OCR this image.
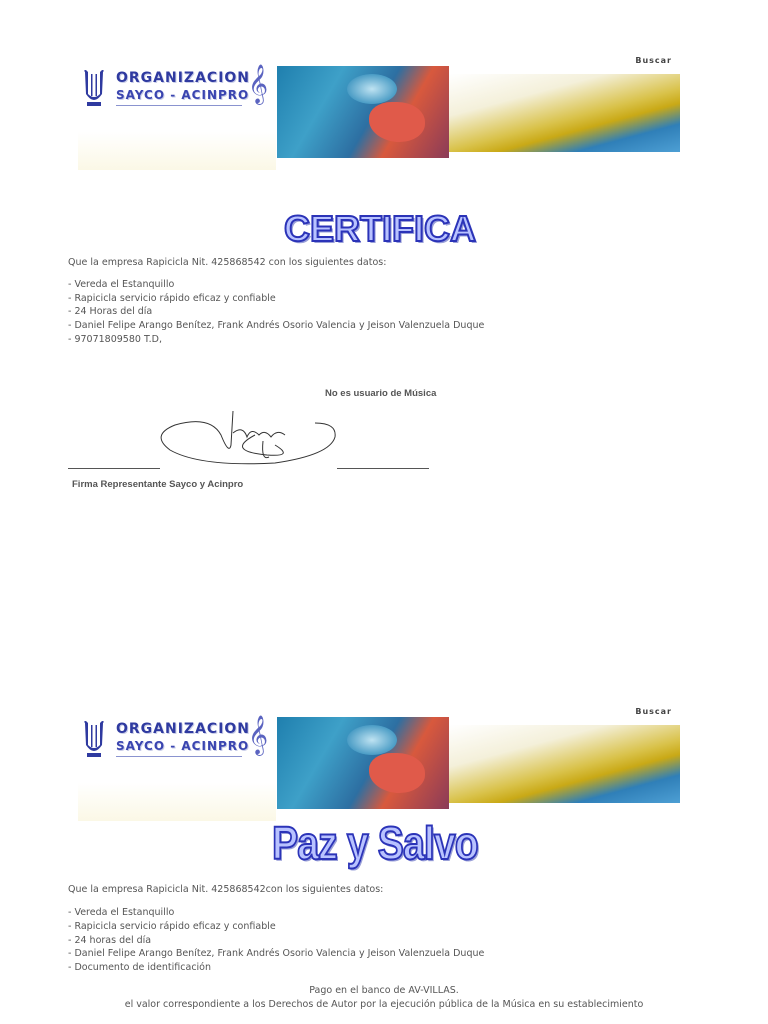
ORGANIZACION
SAYCO - ACINPRO
𝄞
Buscar
CERTIFICA
Que la empresa Rapicicla Nit. 425868542 con los siguientes datos:
- Vereda el Estanquillo
- Rapicicla servicio rápido eficaz y confiable
- 24 Horas del día
- Daniel Felipe Arango Benítez, Frank Andrés Osorio Valencia y Jeison Valenzuela Duque
- 97071809580 T.D,
No es usuario de Música
Firma Representante Sayco y Acinpro
ORGANIZACION
SAYCO - ACINPRO
𝄞
Buscar
Paz y Salvo
Que la empresa Rapicicla Nit. 425868542con los siguientes datos:
- Vereda el Estanquillo
- Rapicicla servicio rápido eficaz y confiable
- 24 horas del día
- Daniel Felipe Arango Benítez, Frank Andrés Osorio Valencia y Jeison Valenzuela Duque
- Documento de identificación
Pago en el banco de AV-VILLAS.
el valor correspondiente a los Derechos de Autor por la ejecución pública de la Música en su establecimiento
